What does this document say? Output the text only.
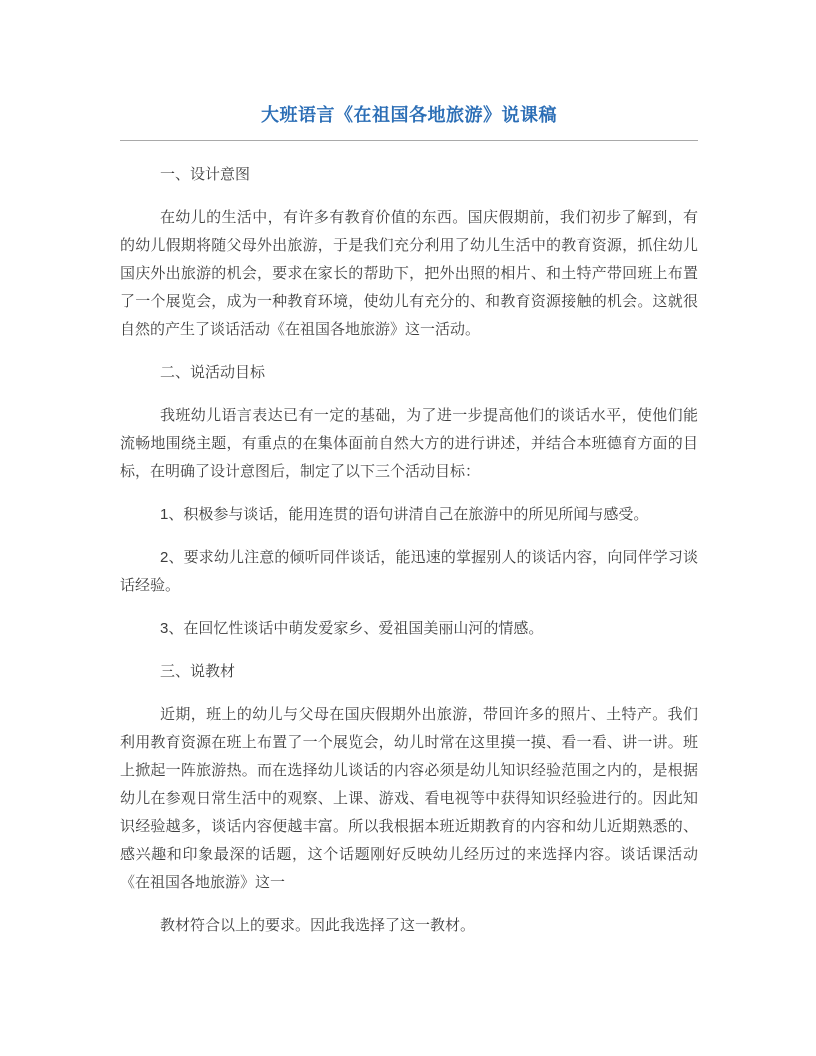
大班语言《在祖国各地旅游》说课稿

一、设计意图

在幼儿的生活中，有许多有教育价值的东西。国庆假期前，我们初步了解到，有的幼儿假期将随父母外出旅游，于是我们充分利用了幼儿生活中的教育资源，抓住幼儿国庆外出旅游的机会，要求在家长的帮助下，把外出照的相片、和土特产带回班上布置了一个展览会，成为一种教育环境，使幼儿有充分的、和教育资源接触的机会。这就很自然的产生了谈话活动《在祖国各地旅游》这一活动。

二、说活动目标

我班幼儿语言表达已有一定的基础，为了进一步提高他们的谈话水平，使他们能流畅地围绕主题，有重点的在集体面前自然大方的进行讲述，并结合本班德育方面的目标，在明确了设计意图后，制定了以下三个活动目标：

1、积极参与谈话，能用连贯的语句讲清自己在旅游中的所见所闻与感受。

2、要求幼儿注意的倾听同伴谈话，能迅速的掌握别人的谈话内容，向同伴学习谈话经验。

3、在回忆性谈话中萌发爱家乡、爱祖国美丽山河的情感。

三、说教材

近期，班上的幼儿与父母在国庆假期外出旅游，带回许多的照片、土特产。我们利用教育资源在班上布置了一个展览会，幼儿时常在这里摸一摸、看一看、讲一讲。班上掀起一阵旅游热。而在选择幼儿谈话的内容必须是幼儿知识经验范围之内的，是根据幼儿在参观日常生活中的观察、上课、游戏、看电视等中获得知识经验进行的。因此知识经验越多，谈话内容便越丰富。所以我根据本班近期教育的内容和幼儿近期熟悉的、感兴趣和印象最深的话题，这个话题刚好反映幼儿经历过的来选择内容。谈话课活动《在祖国各地旅游》这一

教材符合以上的要求。因此我选择了这一教材。
